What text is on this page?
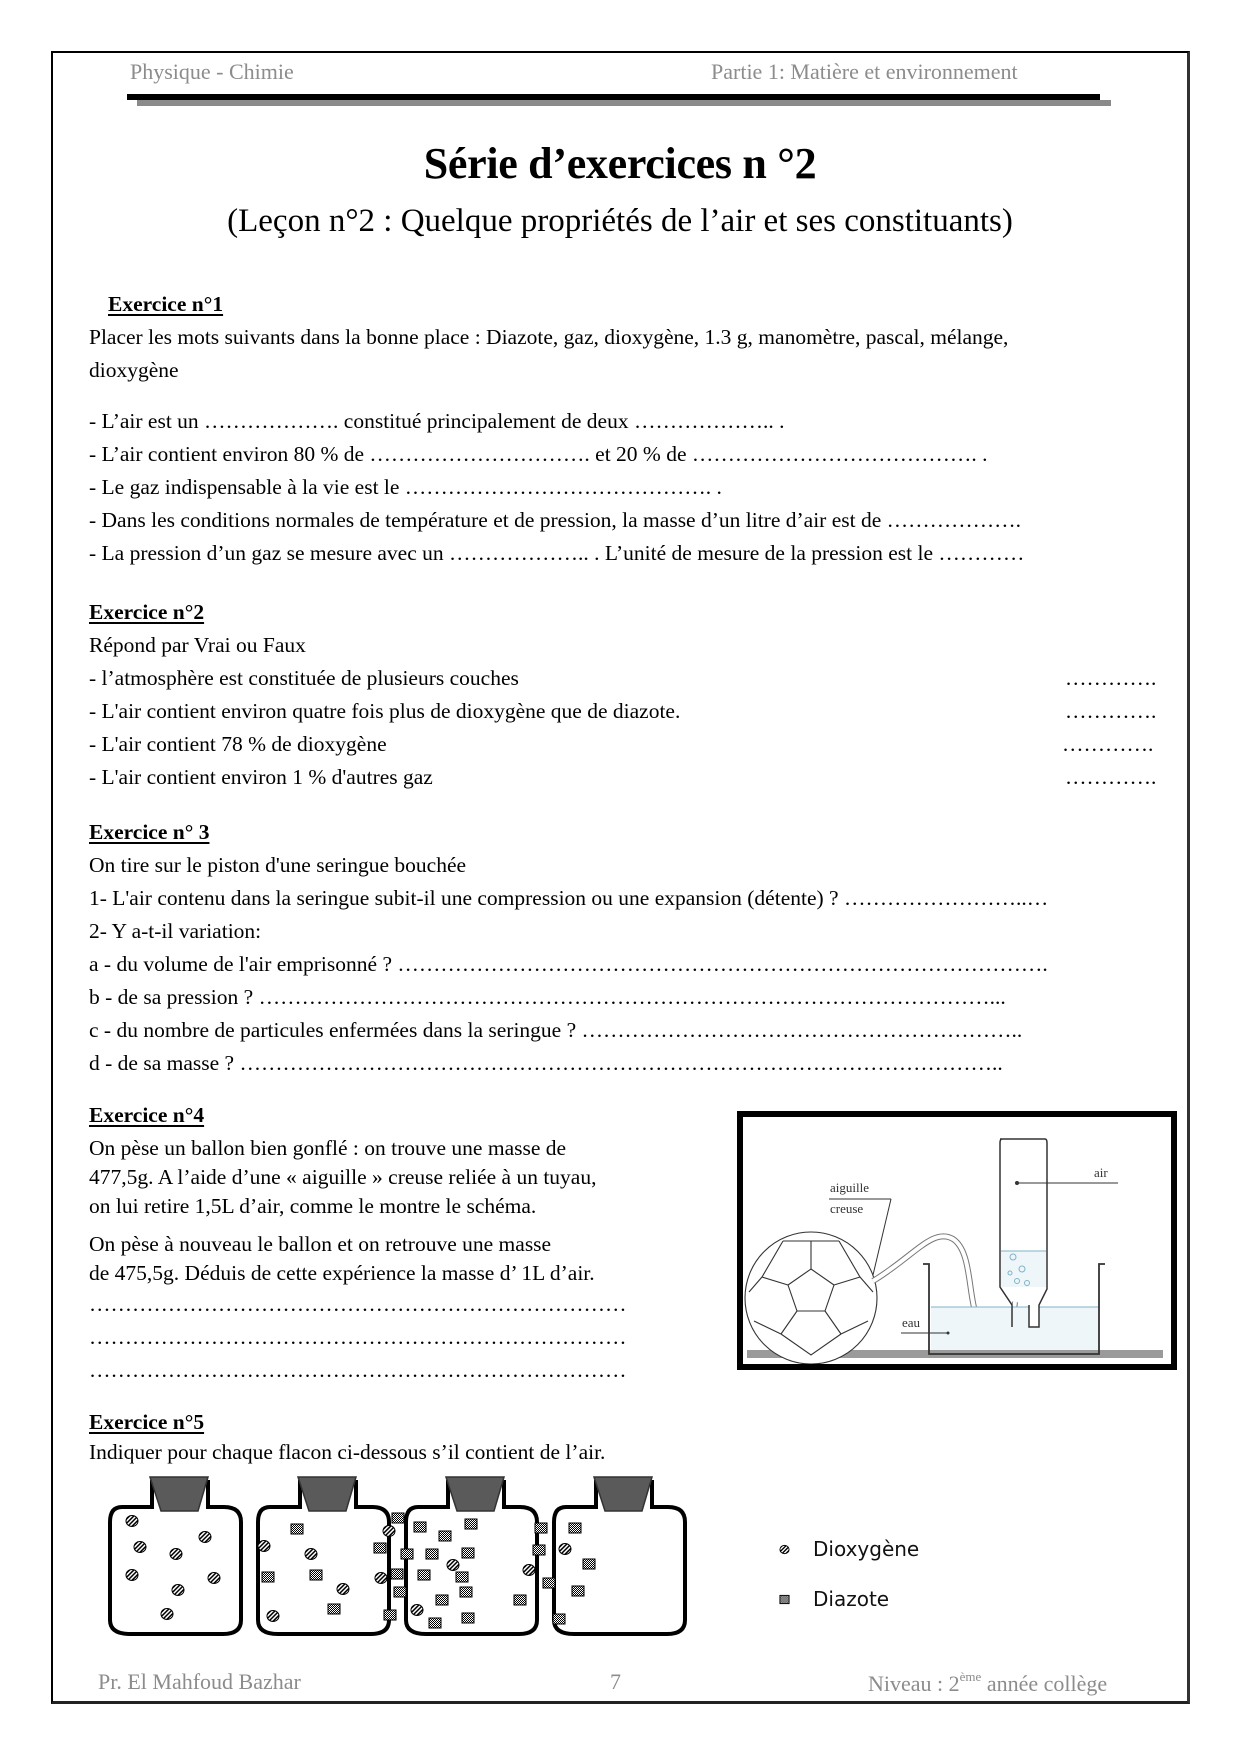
Physique - Chimie	Partie 1: Matière et environnement
Série d’exercices n °2
(Leçon n°2 : Quelque propriétés de l’air et ses constituants)
Exercice n°1
Placer les mots suivants dans la bonne place : Diazote, gaz, dioxygène, 1.3 g, manomètre, pascal, mélange,
dioxygène
- L’air est un ………………. constitué principalement de deux ……………….. .
- L’air contient environ 80 % de …………………………. et 20 % de …………………………………. .
- Le gaz indispensable à la vie est le ……………………………………. .
- Dans les conditions normales de température et de pression, la masse d’un litre d’air est de ……………….
- La pression d’un gaz se mesure avec un ……………….. . L’unité de mesure de la pression est le …………
Exercice n°2
Répond par Vrai ou Faux
- l’atmosphère est constituée de plusieurs couches	………….
- L'air contient environ quatre fois plus de dioxygène que de diazote.	………….
- L'air contient 78 % de dioxygène	………….
- L'air contient environ 1 % d'autres gaz	………….
Exercice n° 3
On tire sur le piston d'une seringue bouchée
1- L'air contenu dans la seringue subit-il une compression ou une expansion (détente) ? ……………………..…
2- Y a-t-il variation:
a - du volume de l'air emprisonné ? ……………………………………………………………………………….
b - de sa pression ? …………………………………………………………………………………………...
c - du nombre de particules enfermées dans la seringue ? ……………………………………………………..
d - de sa masse ? ……………………………………………………………………………………………..
Exercice n°4
On pèse un ballon bien gonflé : on trouve une masse de
477,5g. A l’aide d’une « aiguille » creuse reliée à un tuyau,
on lui retire 1,5L d’air, comme le montre le schéma.
On pèse à nouveau le ballon et on retrouve une masse
de 475,5g. Déduis de cette expérience la masse d’ 1L d’air.
…………………………………………………………………
…………………………………………………………………
…………………………………………………………………
aiguille
creuse
air
eau
Exercice n°5
Indiquer pour chaque flacon ci-dessous s’il contient de l’air.
Dioxygène
Diazote
Pr. El Mahfoud Bazhar	7	Niveau : 2ème année collège
